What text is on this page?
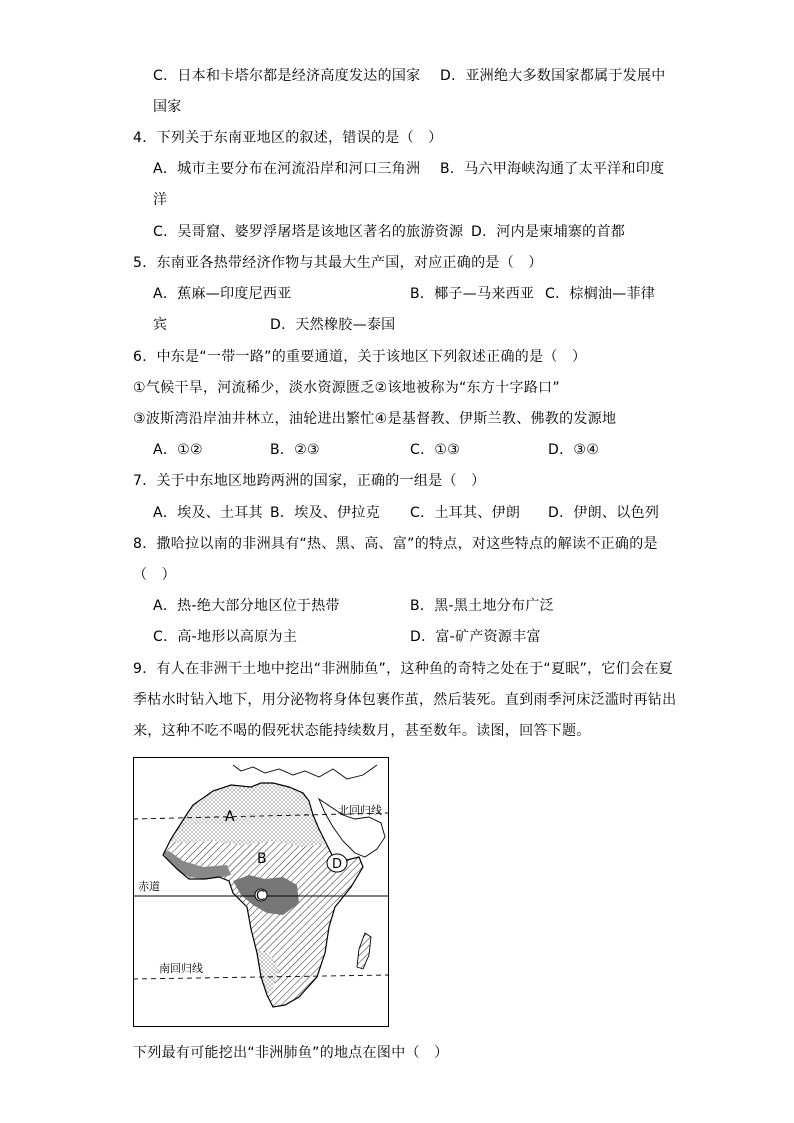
C．日本和卡塔尔都是经济高度发达的国家 D．亚洲绝大多数国家都属于发展中
国家
4．下列关于东南亚地区的叙述，错误的是（　）
A．城市主要分布在河流沿岸和河口三角洲 B．马六甲海峡沟通了太平洋和印度
洋
C．吴哥窟、婆罗浮屠塔是该地区著名的旅游资源 D．河内是柬埔寨的首都
5．东南亚各热带经济作物与其最大生产国，对应正确的是（　）
A．蕉麻—印度尼西亚	B．椰子—马来西亚 C．棕榈油—菲律
宾	D．天然橡胶—泰国
6．中东是“一带一路”的重要通道，关于该地区下列叙述正确的是（　）
①气候干旱，河流稀少，淡水资源匮乏②该地被称为“东方十字路口”
③波斯湾沿岸油井林立，油轮进出繁忙④是基督教、伊斯兰教、佛教的发源地
A．①②	B．②③	C．①③	D．③④
7．关于中东地区地跨两洲的国家，正确的一组是（　）
A．埃及、土耳其 B．埃及、伊拉克 C．土耳其、伊朗 D．伊朗、以色列
8．撒哈拉以南的非洲具有“热、黑、高、富”的特点，对这些特点的解读不正确的是
（　）
A．热-绝大部分地区位于热带	B．黑-黑土地分布广泛
C．高-地形以高原为主	D．富-矿产资源丰富
9．有人在非洲干土地中挖出“非洲肺鱼”，这种鱼的奇特之处在于“夏眠”，它们会在夏
季枯水时钻入地下，用分泌物将身体包裹作茧，然后装死。直到雨季河床泛滥时再钻出
来，这种不吃不喝的假死状态能持续数月，甚至数年。读图，回答下题。
北回归线
赤道
南回归线
A
B
C
D
下列最有可能挖出“非洲肺鱼”的地点在图中（　）
